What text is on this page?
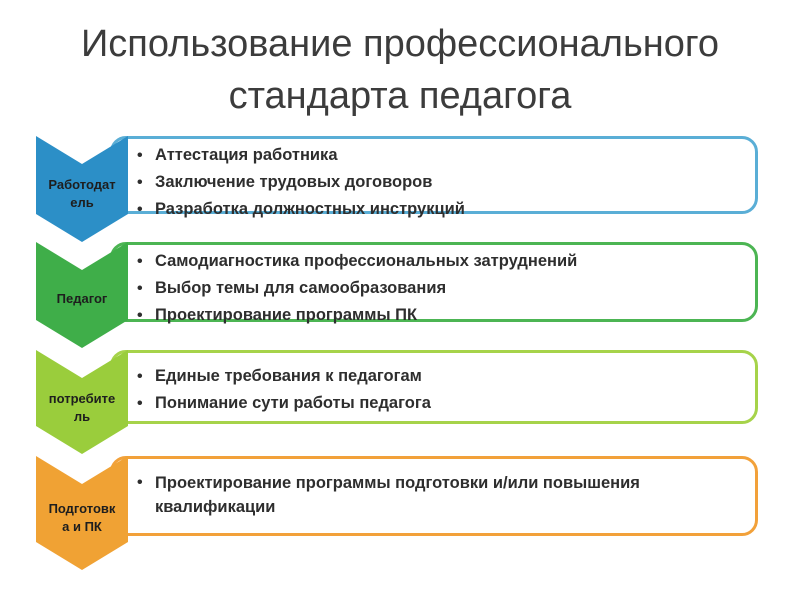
Использование профессионального
стандарта педагога
• Аттестация работника
• Заключение трудовых договоров
• Разработка должностных инструкций
Работодат
ель
• Самодиагностика профессиональных затруднений
• Выбор темы для самообразования
• Проектирование программы ПК
Педагог
• Единые требования к педагогам
• Понимание сути работы педагога
потребите
ль
• Проектирование программы подготовки и/или повышения квалификации
Подготовк
а и ПК
